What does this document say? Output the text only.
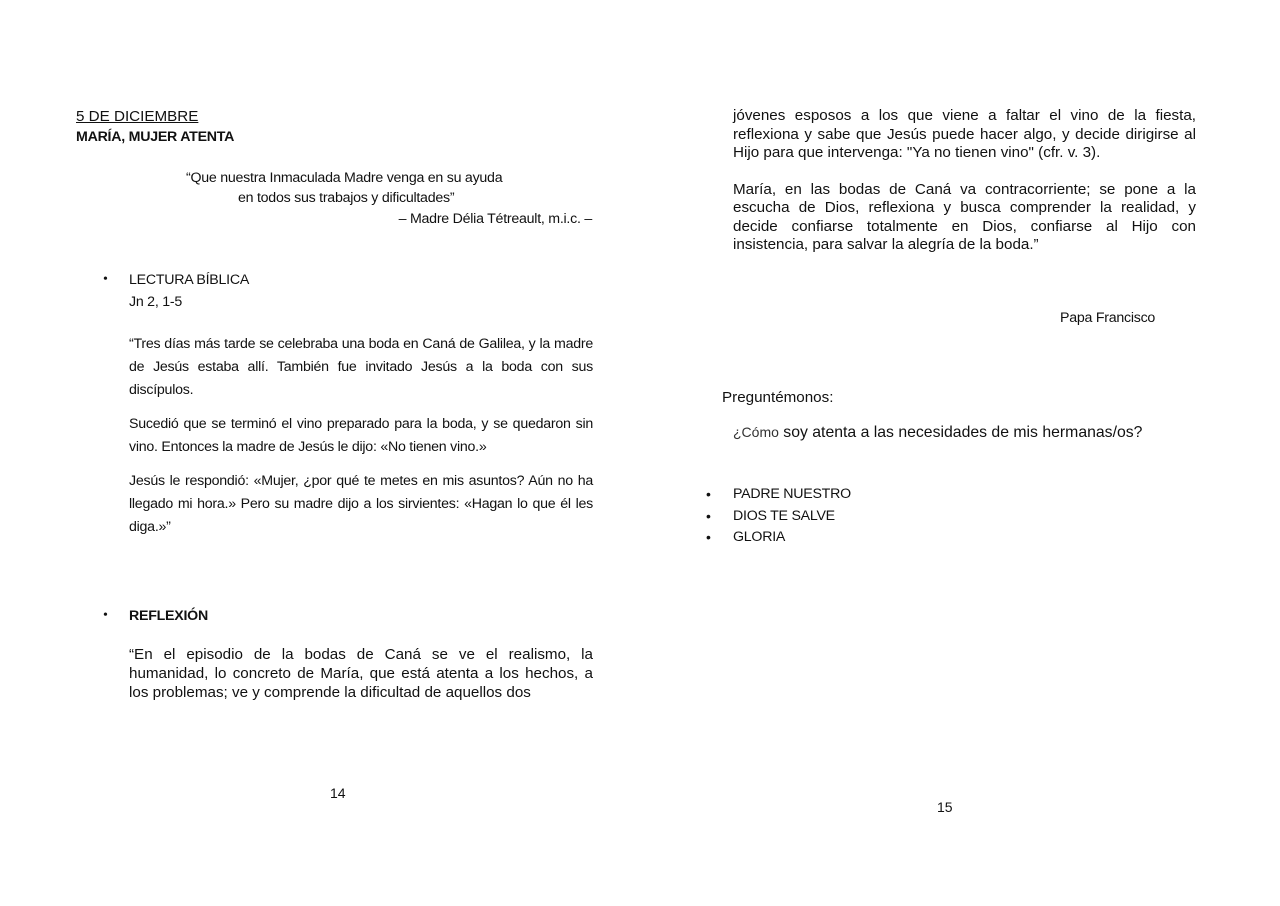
5 DE DICIEMBRE
MARÍA, MUJER ATENTA
“Que nuestra Inmaculada Madre venga en su ayuda
en todos sus trabajos y dificultades”
– Madre Délia Tétreault, m.i.c. –
• LECTURA BÍBLICA
Jn 2, 1-5

“Tres días más tarde se celebraba una boda en Caná de Galilea, y la madre de Jesús estaba allí. También fue invitado Jesús a la boda con sus discípulos.

Sucedió que se terminó el vino preparado para la boda, y se quedaron sin vino. Entonces la madre de Jesús le dijo: «No tienen vino.»

Jesús le respondió: «Mujer, ¿por qué te metes en mis asuntos? Aún no ha llegado mi hora.» Pero su madre dijo a los sirvientes: «Hagan lo que él les diga.»”

• REFLEXIÓN

“En el episodio de la bodas de Caná se ve el realismo, la humanidad, lo concreto de María, que está atenta a los hechos, a los problemas; ve y comprende la dificultad de aquellos dos

14

jóvenes esposos a los que viene a faltar el vino de la fiesta, reflexiona y sabe que Jesús puede hacer algo, y decide dirigirse al Hijo para que intervenga: "Ya no tienen vino" (cfr. v. 3).

María, en las bodas de Caná va contracorriente; se pone a la escucha de Dios, reflexiona y busca comprender la realidad, y decide confiarse totalmente en Dios, confiarse al Hijo con insistencia, para salvar la alegría de la boda.”

Papa Francisco
Preguntémonos:
¿Cómo soy atenta a las necesidades de mis hermanas/os?
• PADRE NUESTRO
• DIOS TE SALVE
• GLORIA
15
